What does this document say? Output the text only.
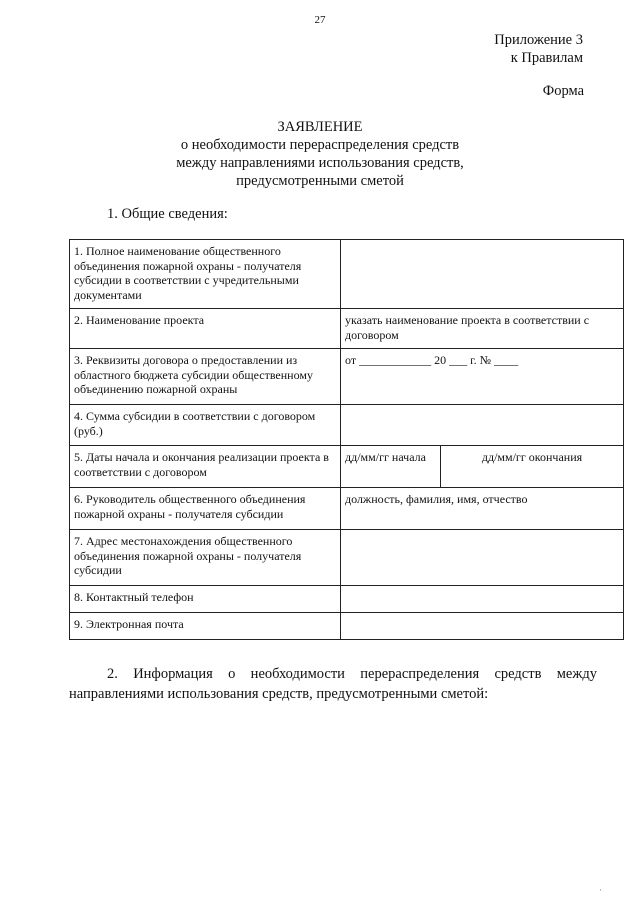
27
Приложение 3
к Правилам
Форма
ЗАЯВЛЕНИЕ
о необходимости перераспределения средств
между направлениями использования средств,
предусмотренными сметой
1. Общие сведения:
1. Полное наименование общественного объединения пожарной охраны - получателя субсидии в соответствии с учредительными документами		
2. Наименование проекта	указать наименование проекта в соответствии с договором	
3. Реквизиты договора о предоставлении из областного бюджета субсидии общественному объединению пожарной охраны	от ____________ 20 ___ г. № ____	
4. Сумма субсидии в соответствии с договором (руб.)		
5. Даты начала и окончания реализации проекта в соответствии с договором	дд/мм/гг начала	дд/мм/гг окончания
6. Руководитель общественного объединения пожарной охраны - получателя субсидии	должность, фамилия, имя, отчество	
7. Адрес местонахождения общественного объединения пожарной охраны - получателя субсидии		
8. Контактный телефон		
9. Электронная почта		
2. Информация о необходимости перераспределения средств между направлениями использования средств, предусмотренными сметой:
·
